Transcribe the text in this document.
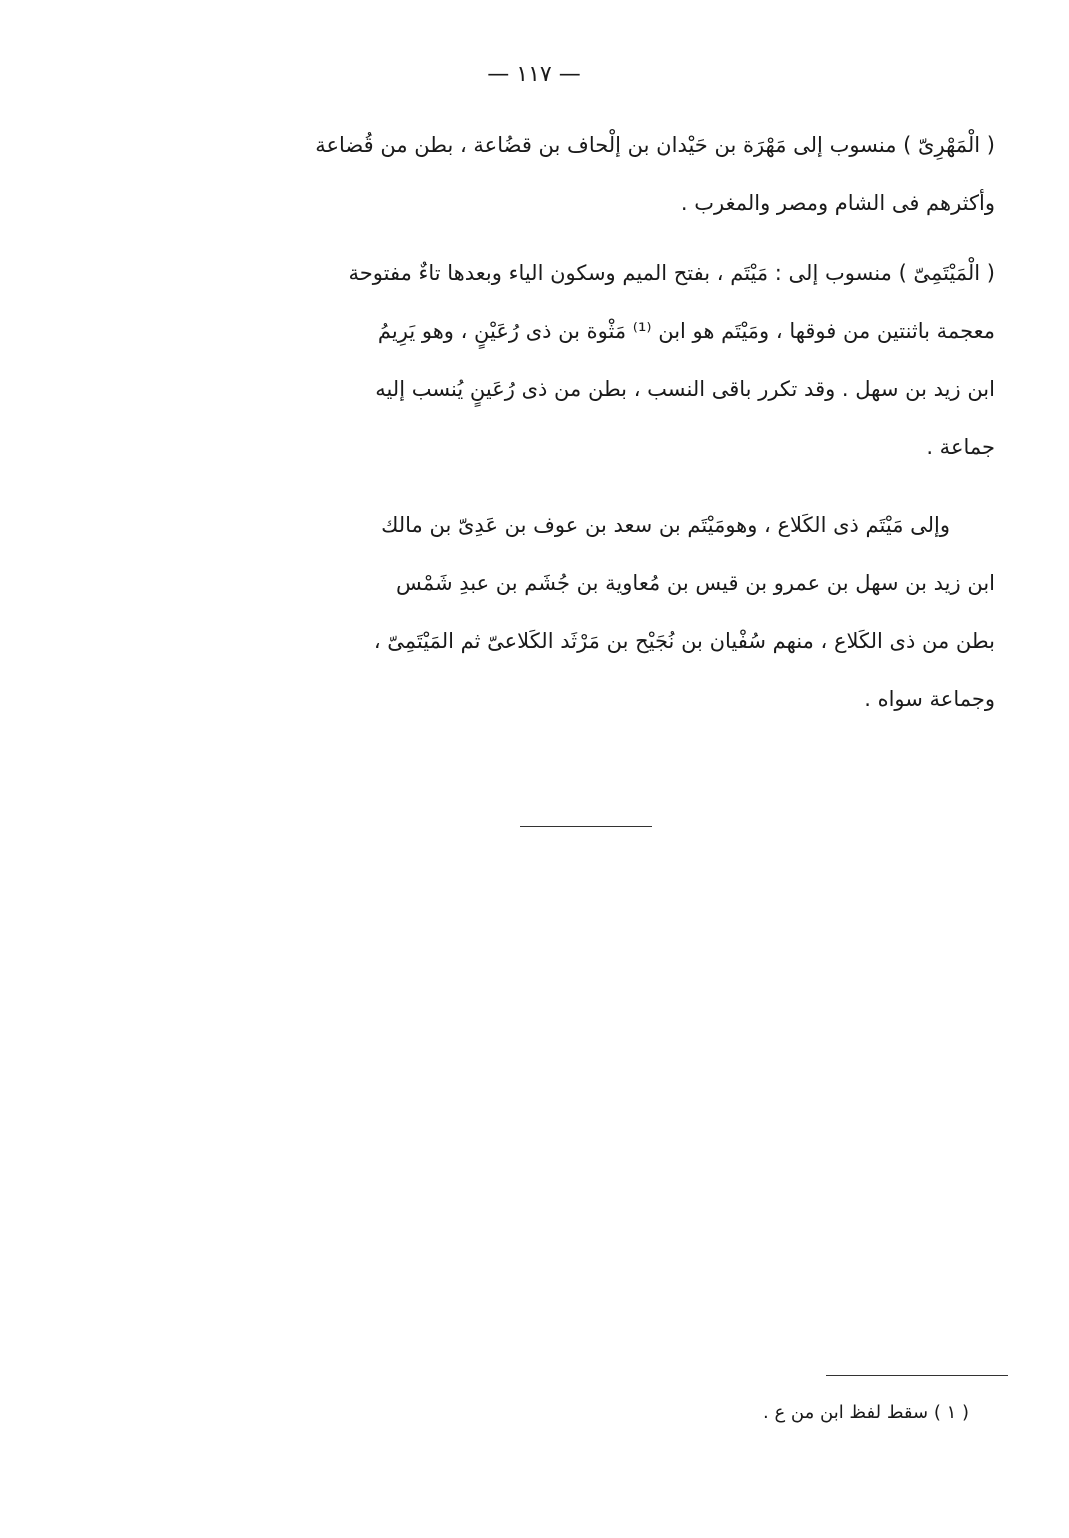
— ١١٧ —
( الْمَهْرِىّ ) منسوب إلى مَهْرَة بن حَيْدان بن إلْحاف بن قضُاعة ، بطن من قُضاعة
وأكثرهم فى الشام ومصر والمغرب .
( الْمَيْتَمِىّ ) منسوب إلى : مَيْتَم ، بفتح الميم وسكون الياء وبعدها تاءٌ مفتوحة
معجمة باثنتين من فوقها ، ومَيْتَم هو ابن ⁽¹⁾ مَثْوة بن ذى رُعَيْنٍ ، وهو يَرِيمُ
ابن زيد بن سهل . وقد تكرر باقى النسب ، بطن من ذى رُعَينٍ يُنسب إليه
جماعة .
وإلى مَيْتَم ذى الكَلاع ، وهومَيْتَم بن سعد بن عوف بن عَدِىّ بن مالك
ابن زيد بن سهل بن عمرو بن قيس بن مُعاوية بن جُشَم بن عبدِ شَمْس
بطن من ذى الكَلاع ، منهم سُفْيان بن نُجَيْح بن مَرْثَد الكَلاعىّ ثم المَيْتَمِىّ ،
وجماعة سواه .
( ١ ) سقط لفظ ابن من ع .
